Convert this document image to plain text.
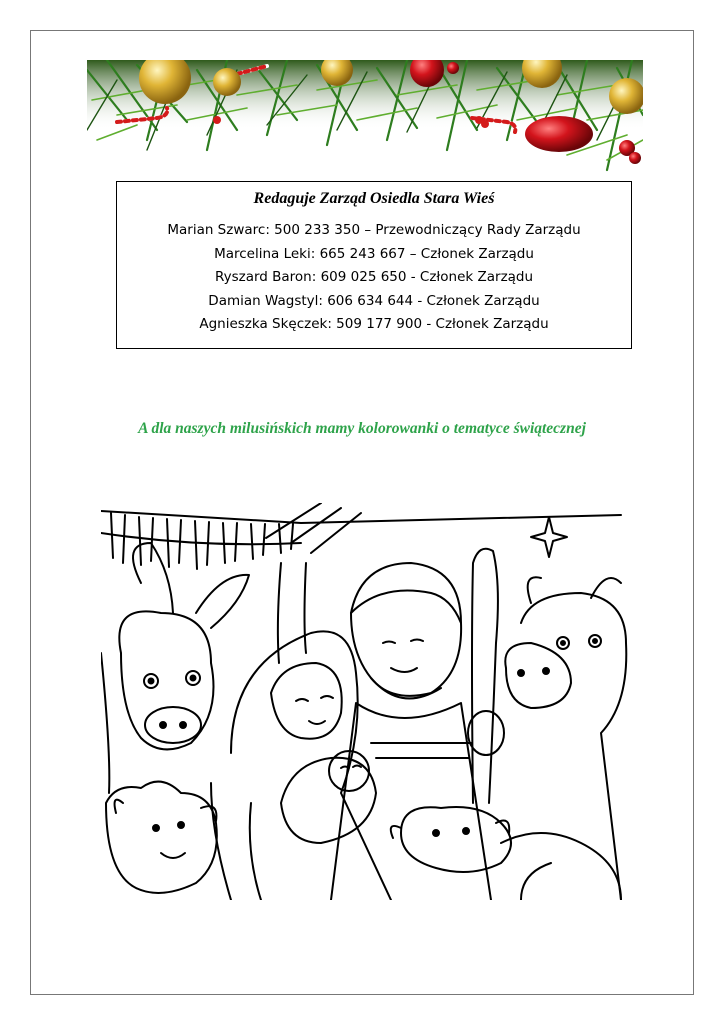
Redaguje Zarząd Osiedla Stara Wieś
Marian Szwarc: 500 233 350 – Przewodniczący Rady Zarządu
Marcelina Leki: 665 243 667 – Członek Zarządu
Ryszard Baron: 609 025 650 - Członek Zarządu
Damian Wagstyl: 606 634 644 - Członek Zarządu
Agnieszka Skęczek: 509 177 900 - Członek Zarządu
A dla naszych milusińskich mamy kolorowanki o tematyce świątecznej
